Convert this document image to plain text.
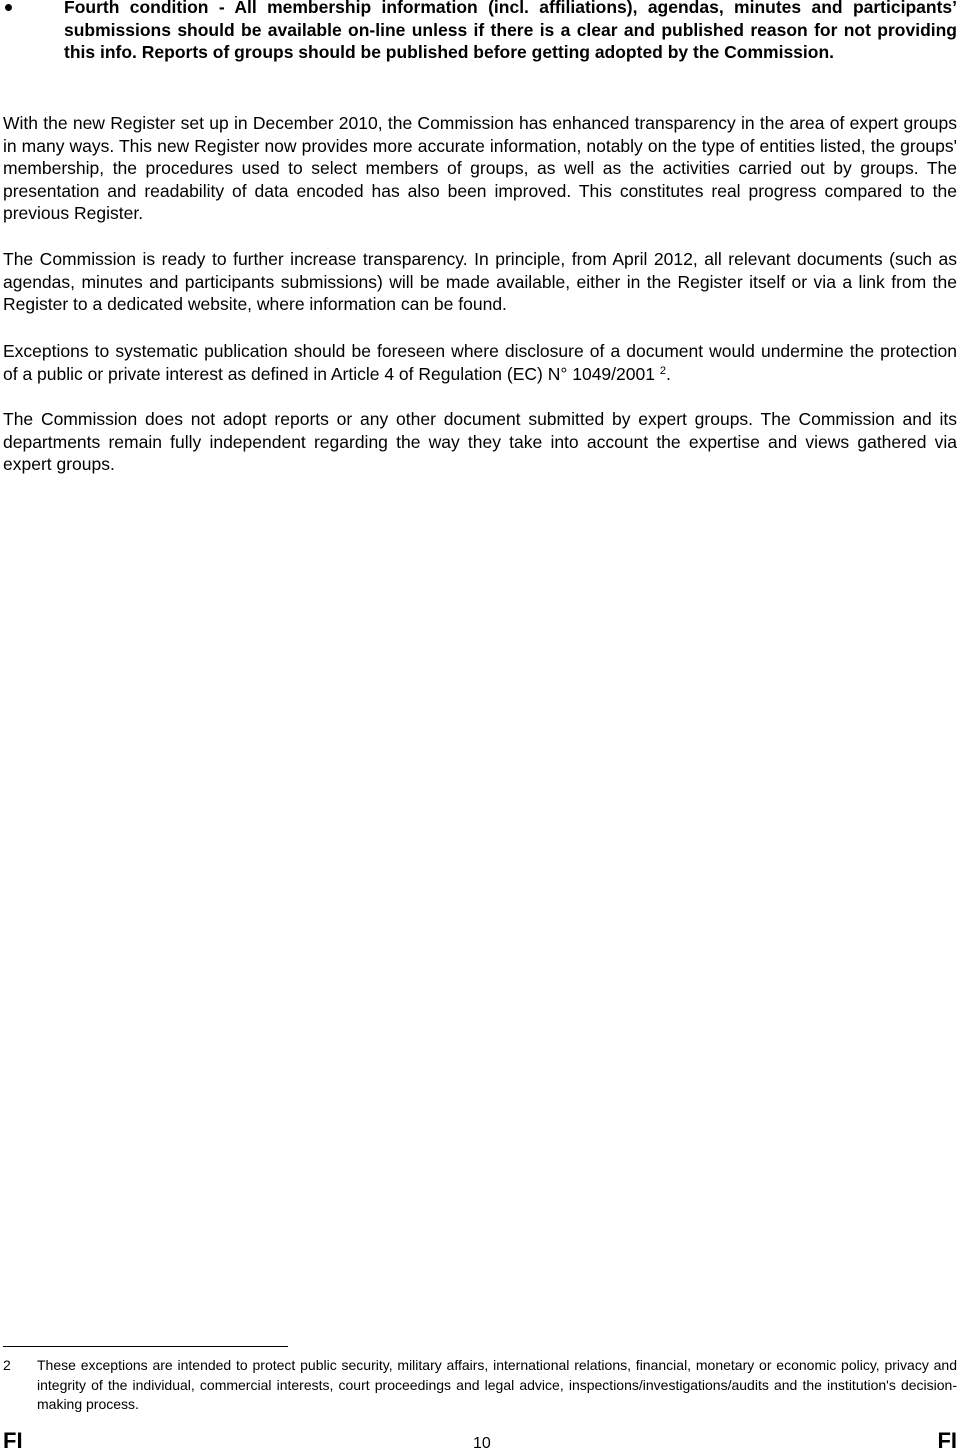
Fourth condition - All membership information (incl. affiliations), agendas, minutes and participants’ submissions should be available on-line unless if there is a clear and published reason for not providing this info. Reports of groups should be published before getting adopted by the Commission.
With the new Register set up in December 2010, the Commission has enhanced transparency in the area of expert groups in many ways. This new Register now provides more accurate information, notably on the type of entities listed, the groups' membership, the procedures used to select members of groups, as well as the activities carried out by groups. The presentation and readability of data encoded has also been improved. This constitutes real progress compared to the previous Register.
The Commission is ready to further increase transparency. In principle, from April 2012, all relevant documents (such as agendas, minutes and participants submissions) will be made available, either in the Register itself or via a link from the Register to a dedicated website, where information can be found.
Exceptions to systematic publication should be foreseen where disclosure of a document would undermine the protection of a public or private interest as defined in Article 4 of Regulation (EC) N° 1049/2001 $^2$.
The Commission does not adopt reports or any other document submitted by expert groups. The Commission and its departments remain fully independent regarding the way they take into account the expertise and views gathered via expert groups.
2 These exceptions are intended to protect public security, military affairs, international relations, financial, monetary or economic policy, privacy and integrity of the individual, commercial interests, court proceedings and legal advice, inspections/investigations/audits and the institution's decision-making process.
FI	10	FI
